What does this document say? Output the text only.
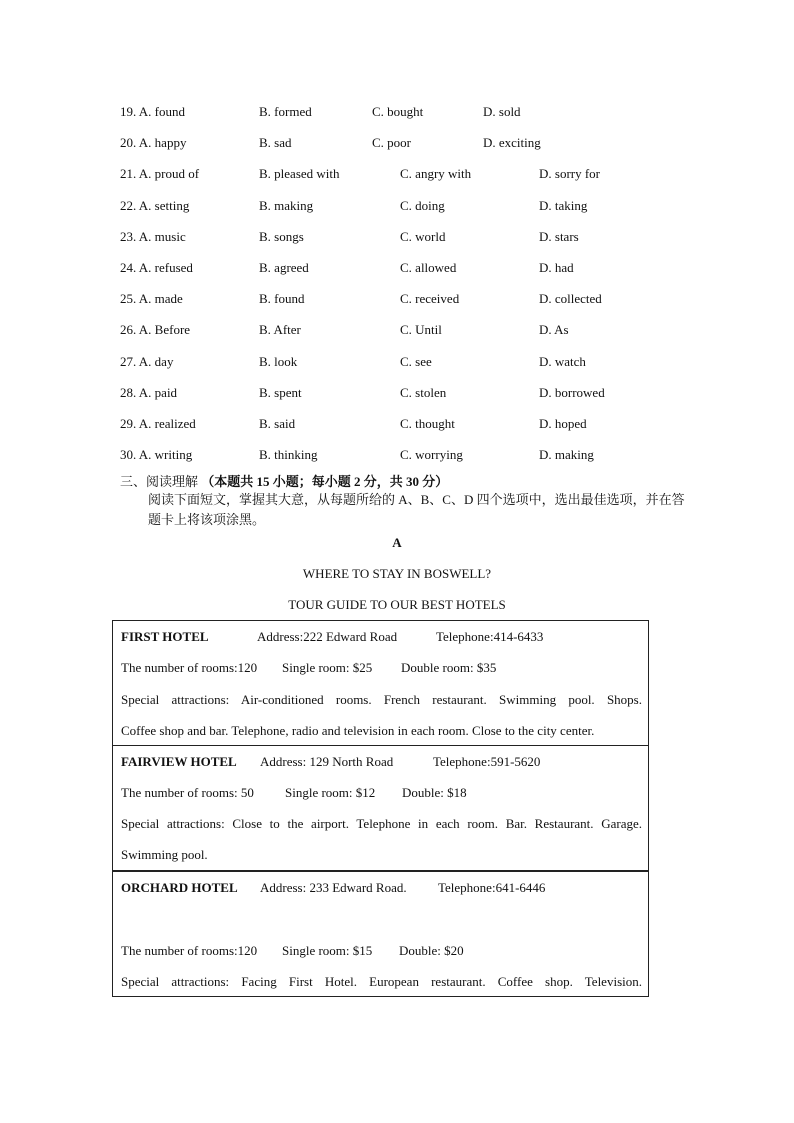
19. A. found	B. formed	C. bought	D. sold
20. A. happy	B. sad	C. poor	D. exciting
21. A. proud of	B. pleased with	C. angry with	D. sorry for
22. A. setting	B. making	C. doing	D. taking
23. A. music	B. songs	C. world	D. stars
24. A. refused	B. agreed	C. allowed	D. had
25. A. made	B. found	C. received	D. collected
26. A. Before	B. After	C. Until	D. As
27. A. day	B. look	C. see	D. watch
28. A. paid	B. spent	C. stolen	D. borrowed
29. A. realized	B. said	C. thought	D. hoped
30. A. writing	B. thinking	C. worrying	D. making
三、阅读理解 （本题共 15 小题；每小题 2 分，共 30 分）
阅读下面短文，掌握其大意，从每题所给的 A、B、C、D 四个选项中，选出最佳选项，并在答题卡上将该项涂黑。
A
WHERE TO STAY IN BOSWELL?
TOUR GUIDE TO OUR BEST HOTELS
FIRST HOTEL	Address:222 Edward Road	Telephone:414-6433
The number of rooms:120 Single room: $25 Double room: $35
Special attractions: Air-conditioned rooms. French restaurant. Swimming pool. Shops.
Coffee shop and bar. Telephone, radio and television in each room. Close to the city center.
FAIRVIEW HOTEL Address: 129 North Road	Telephone:591-5620
The number of rooms: 50 Single room: $12 Double: $18
Special attractions: Close to the airport. Telephone in each room. Bar. Restaurant. Garage.
Swimming pool.
ORCHARD HOTEL Address: 233 Edward Road. Telephone:641-6446
The number of rooms:120 Single room: $15 Double: $20
Special attractions: Facing First Hotel. European restaurant. Coffee shop. Television.
